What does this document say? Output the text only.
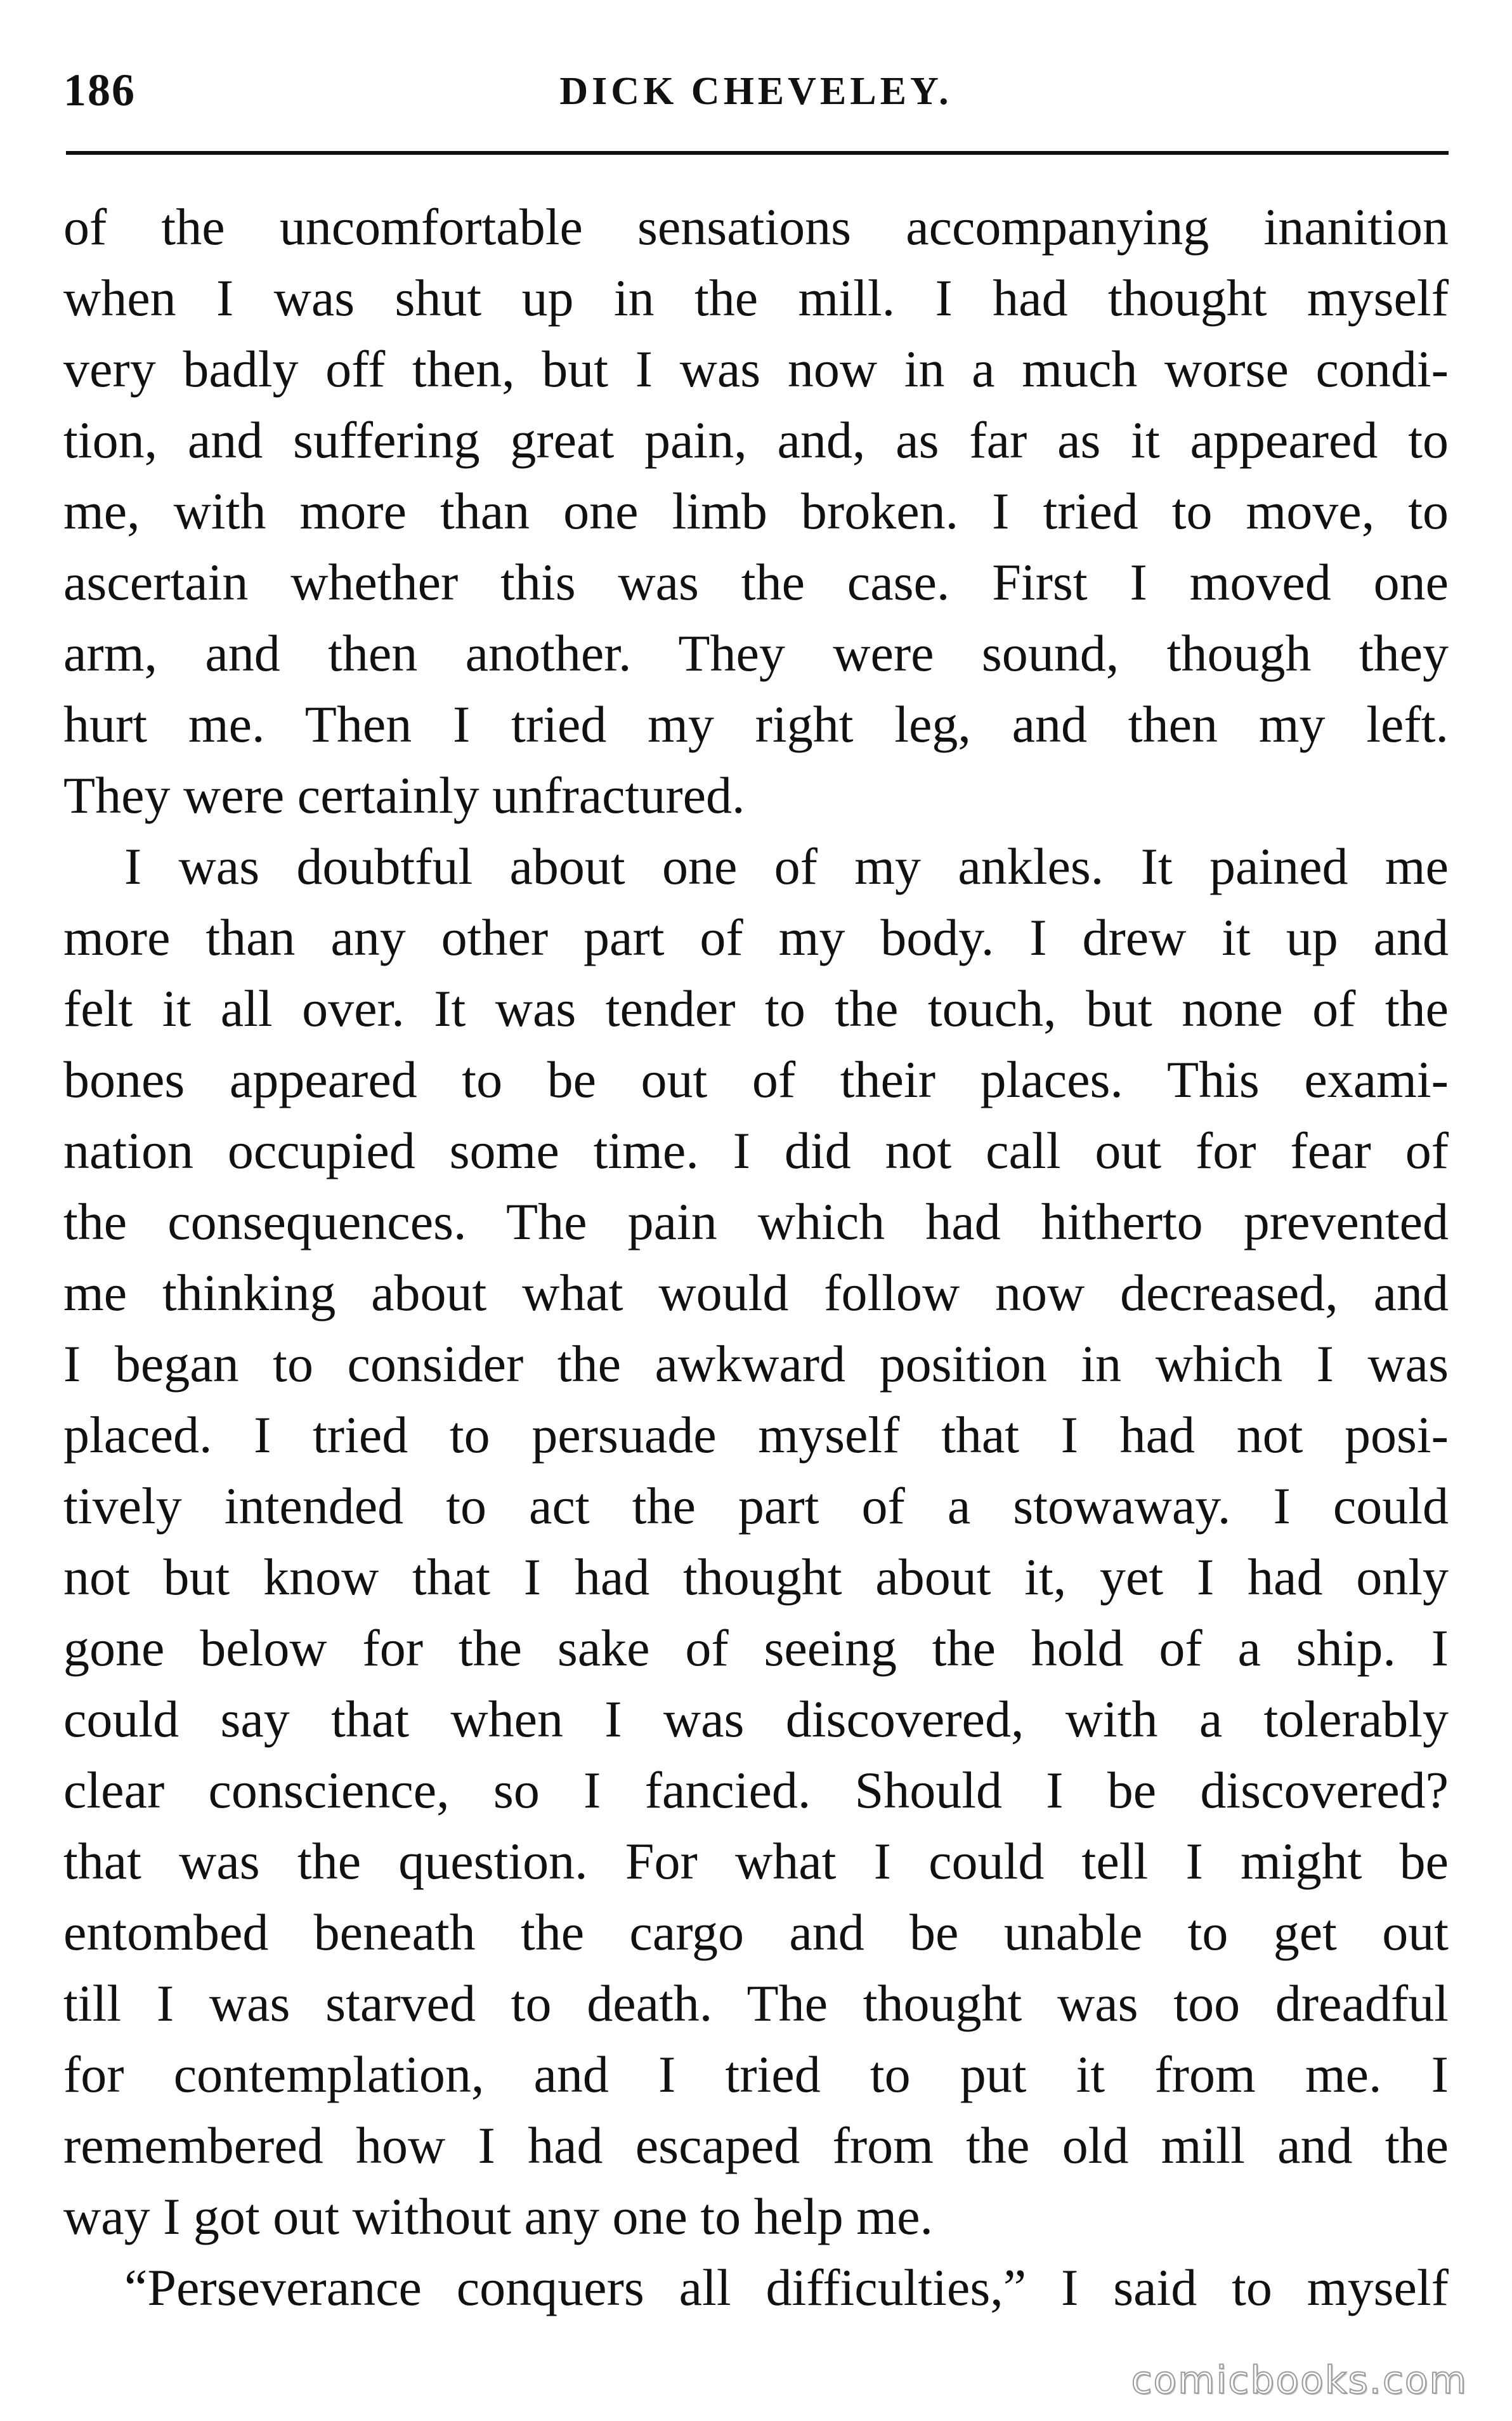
186	DICK CHEVELEY.
of the uncomfortable sensations accompanying inanition
when I was shut up in the mill. I had thought myself
very badly off then, but I was now in a much worse condi-
tion, and suffering great pain, and, as far as it appeared to
me, with more than one limb broken. I tried to move, to
ascertain whether this was the case. First I moved one
arm, and then another. They were sound, though they
hurt me. Then I tried my right leg, and then my left.
They were certainly unfractured.
I was doubtful about one of my ankles. It pained me
more than any other part of my body. I drew it up and
felt it all over. It was tender to the touch, but none of the
bones appeared to be out of their places. This exami-
nation occupied some time. I did not call out for fear of
the consequences. The pain which had hitherto prevented
me thinking about what would follow now decreased, and
I began to consider the awkward position in which I was
placed. I tried to persuade myself that I had not posi-
tively intended to act the part of a stowaway. I could
not but know that I had thought about it, yet I had only
gone below for the sake of seeing the hold of a ship. I
could say that when I was discovered, with a tolerably
clear conscience, so I fancied. Should I be discovered?
that was the question. For what I could tell I might be
entombed beneath the cargo and be unable to get out
till I was starved to death. The thought was too dreadful
for contemplation, and I tried to put it from me. I
remembered how I had escaped from the old mill and the
way I got out without any one to help me.
“Perseverance conquers all difficulties,” I said to myself
comicbooks.com
